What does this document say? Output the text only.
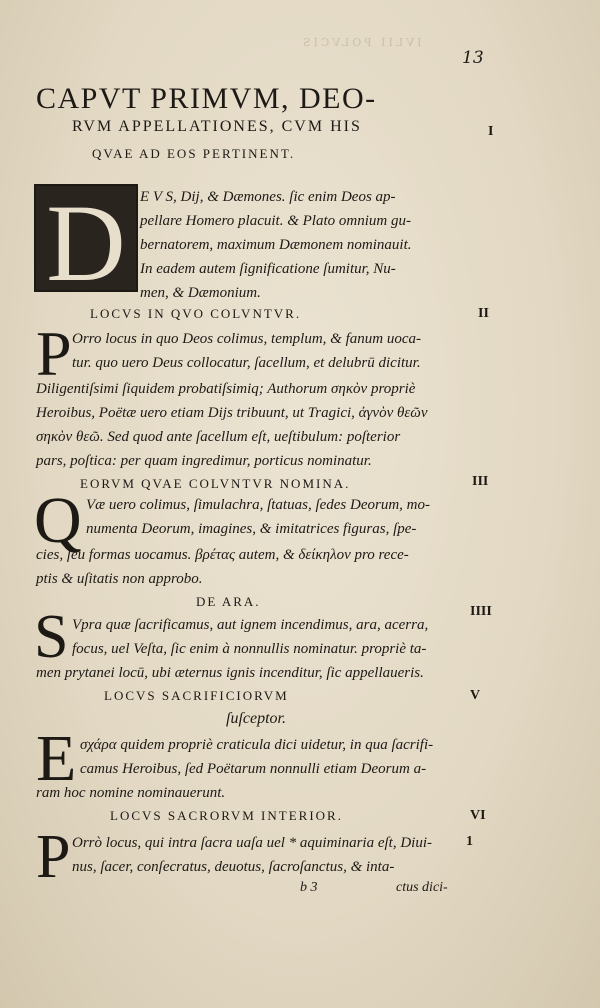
IVLII POLVCIS
13
CAPVT PRIMVM, DEO-
RVM APPELLATIONES, CVM HIS
QVAE AD EOS PERTINENT.
I
D E V S, Dij, & Dæmones. ſic enim Deos ap-
pellare Homero placuit. & Plato omnium gu-
bernatorem, maximum Dæmonem nominauit.
In eadem autem ſignificatione ſumitur, Nu-
men, & Dæmonium.
LOCVS IN QVO COLVNTVR.	II
P Orro locus in quo Deos colimus, templum, & fanum uoca-
tur. quo uero Deus collocatur, ſacellum, et delubrū dicitur.
Diligentiſsimi ſiquidem probatiſsimiq; Authorum σηκὸν propriè
Heroibus, Poëtæ uero etiam Dijs tribuunt, ut Tragici, ἀγνὸν θεῶν
σηκὸν θεῶ. Sed quod ante ſacellum eſt, ueſtibulum: poſterior
pars, poſtica: per quam ingredimur, porticus nominatur.
EORVM QVAE COLVNTVR NOMINA.	III
Q Væ uero colimus, ſimulachra, ſtatuas, ſedes Deorum, mo-
numenta Deorum, imagines, & imitatrices figuras, ſpe-
cies, ſeu formas uocamus. βρέτας autem, & δείκηλον pro rece-
ptis & uſitatis non approbo.
DE ARA.
IIII
S Vpra quæ ſacrificamus, aut ignem incendimus, ara, acerra,
focus, uel Veſta, ſic enim à nonnullis nominatur. propriè ta-
men prytanei locū, ubi æternus ignis incenditur, ſic appellaueris.
LOCVS SACRIFICIORVM	V
ſuſceptor.
E σχάρα quidem propriè craticula dici uidetur, in qua ſacrifi-
camus Heroibus, ſed Poëtarum nonnulli etiam Deorum a-
ram hoc nomine nominauerunt.
LOCVS SACRORVM INTERIOR.	VI
P Orrò locus, qui intra ſacra uaſa uel * aquiminaria eſt, Diui- 1
nus, ſacer, conſecratus, deuotus, ſacroſanctus, & inta-
b 3	ctus dici-
